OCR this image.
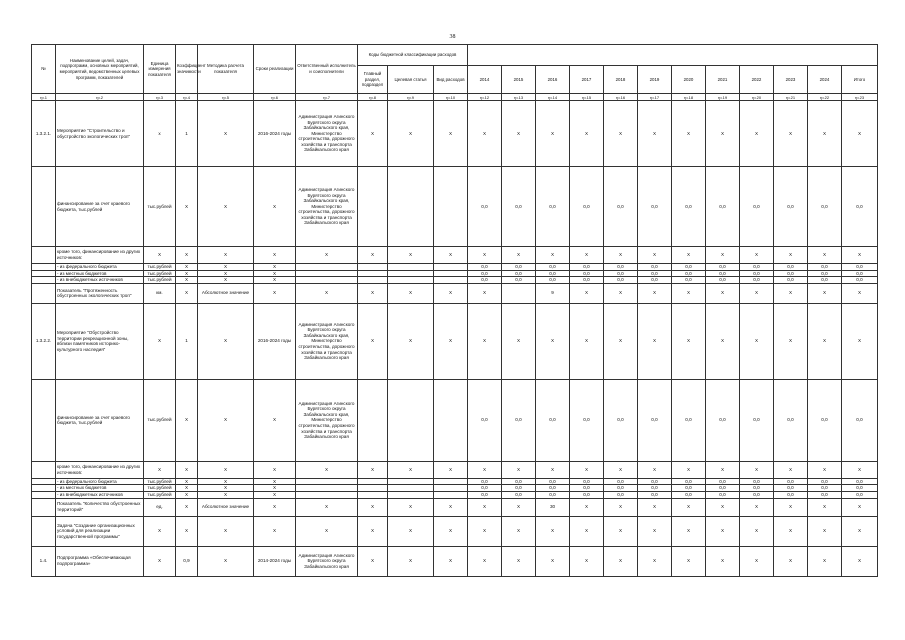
38
№	Наименование целей, задач, подпрограмм, основных мероприятий, мероприятий, ведомственных целевых программ, показателей	Единица измерения показателя	Коэффициент значимости	Методика расчета показателя	Сроки реализации	Ответственный исполнитель и соисполнители	Коды бюджетной классификации расходов															
							Главный раздел, подраздел	Целевая статья	Вид расходов	2014	2015	2016	2017	2018	2019	2020	2021	2022	2023	2024	Итого	
гр.1	гр.2	гр.3	гр.4	гр.5	гр.6	гр.7	гр.8	гр.9	гр.10	гр.12	гр.13	гр.14	гр.15	гр.16	гр.17	гр.18	гр.19	гр.20	гр.21	гр.22	гр.23	
1.3.2.1.	Мероприятие "Строительство и обустройство экологических троп"	х	1	Х	2016-2024 годы	Администрация Агинского Бурятского округа Забайкальского края, Министерство строительства, дорожного хозяйства и транспорта Забайкальского края	Х	Х	Х	Х	Х	Х	Х	Х	Х	Х	Х	Х	Х	Х	Х	
	финансирование за счет краевого бюджета, тыс.рублей	тыс.рублей	Х	Х	Х	Администрация Агинского Бурятского округа Забайкальского края, Министерство строительства, дорожного хозяйства и транспорта Забайкальского края				0,0	0,0	0,0	0,0	0,0	0,0	0,0	0,0	0,0	0,0	0,0	0,0	
	кроме того, финансирование из других источников:	Х	Х	Х	Х	Х	Х	Х	Х	Х	Х	Х	Х	Х	Х	Х	Х	Х	Х	Х	Х	
	- из федерального бюджета	тыс.рублей	Х	Х	Х					0,0	0,0	0,0	0,0	0,0	0,0	0,0	0,0	0,0	0,0	0,0	0,0	
	- из местных бюджетов	тыс.рублей	Х	Х	Х					0,0	0,0	0,0	0,0	0,0	0,0	0,0	0,0	0,0	0,0	0,0	0,0	
	- из внебюджетных источников	тыс.рублей	Х	Х	Х					0,0	0,0	0,0	0,0	0,0	0,0	0,0	0,0	0,0	0,0	0,0	0,0	
	Показатель "Протяженность обустроенных экологических троп"	км.	Х	Абсолютное значение	Х	Х	Х	Х	Х	Х		9	Х	Х	Х	Х	Х	Х	Х	Х	Х	
1.3.2.2.	Мероприятие "Обустройство территории рекреационной зоны, вблизи памятников историко-культурного наследия"	Х	1	Х	2016-2024 годы	Администрация Агинского Бурятского округа Забайкальского края, Министерство строительства, дорожного хозяйства и транспорта Забайкальского края	Х	Х	Х	Х	Х	Х	Х	Х	Х	Х	Х	Х	Х	Х	Х	
	финансирование за счет краевого бюджета, тыс.рублей	тыс.рублей	Х	Х	Х	Администрация Агинского Бурятского округа Забайкальского края, Министерство строительства, дорожного хозяйства и транспорта Забайкальского края				0,0	0,0	0,0	0,0	0,0	0,0	0,0	0,0	0,0	0,0	0,0	0,0	
	кроме того, финансирование из других источников:	Х	Х	Х	Х	Х	Х	Х	Х	Х	Х	Х	Х	Х	Х	Х	Х	Х	Х	Х	Х	
	- из федерального бюджета	тыс.рублей	Х	Х	Х					0,0	0,0	0,0	0,0	0,0	0,0	0,0	0,0	0,0	0,0	0,0	0,0	
	- из местных бюджетов	тыс.рублей	Х	Х	Х					0,0	0,0	0,0	0,0	0,0	0,0	0,0	0,0	0,0	0,0	0,0	0,0	
	- из внебюджетных источников	тыс.рублей	Х	Х	Х					0,0	0,0	0,0	0,0	0,0	0,0	0,0	0,0	0,0	0,0	0,0	0,0	
	Показатель "Количество обустроенных территорий"	ед.	Х	Абсолютное значение	Х	Х	Х	Х	Х	Х	Х	30	Х	Х	Х	Х	Х	Х	Х	Х	Х	
	Задача "Создание организационных условий для реализации государственной программы"	Х	Х	Х	Х	Х	Х	Х	Х	Х	Х	Х	Х	Х	Х	Х	Х	Х	Х	Х	Х	
1.4.	Подпрограмма «Обеспечивающая подпрограмма»	Х	0,9	Х	2014-2024 годы	Администрация Агинского Бурятского округа Забайкальского края	Х	Х	Х	Х	Х	Х	Х	Х	Х	Х	Х	Х	Х	Х	Х	
